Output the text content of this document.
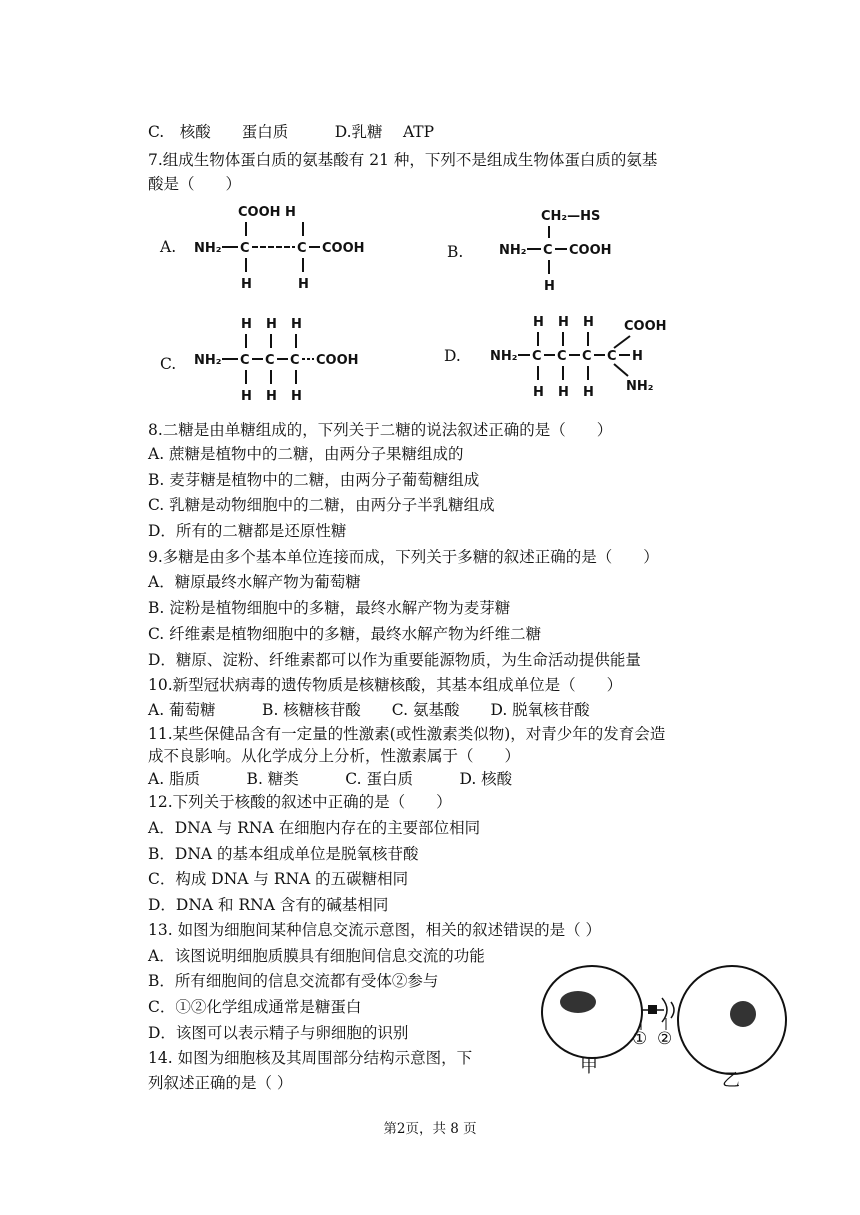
C.　核酸　　蛋白质　　　D.乳糖　 ATP
7.组成生物体蛋白质的氨基酸有 21 种，下列不是组成生物体蛋白质的氨基
酸是（　　）
A.
COOH H
NH₂ C	C COOH
H	H
B.
CH₂—HS
NH₂ C COOH
H
C.
H H H
NH₂ C C C COOH
H H H
D.
H H H COOH
NH₂ C C C C H
H H H NH₂
8.二糖是由单糖组成的，下列关于二糖的说法叙述正确的是（　　）
A. 蔗糖是植物中的二糖，由两分子果糖组成的
B. 麦芽糖是植物中的二糖，由两分子葡萄糖组成
C. 乳糖是动物细胞中的二糖，由两分子半乳糖组成
D．所有的二糖都是还原性糖
9.多糖是由多个基本单位连接而成，下列关于多糖的叙述正确的是（　　）
A．糖原最终水解产物为葡萄糖
B. 淀粉是植物细胞中的多糖，最终水解产物为麦芽糖
C. 纤维素是植物细胞中的多糖，最终水解产物为纤维二糖
D．糖原、淀粉、纤维素都可以作为重要能源物质，为生命活动提供能量
10.新型冠状病毒的遗传物质是核糖核酸，其基本组成单位是（　　）
A. 葡萄糖　　　B. 核糖核苷酸　　C. 氨基酸　　D. 脱氧核苷酸
11.某些保健品含有一定量的性激素(或性激素类似物)，对青少年的发育会造
成不良影响。从化学成分上分析，性激素属于（　　）
A. 脂质　　　B. 糖类　　　C. 蛋白质　　　D. 核酸
12.下列关于核酸的叙述中正确的是（　　）
A．DNA 与 RNA 在细胞内存在的主要部位相同
B．DNA 的基本组成单位是脱氧核苷酸
C．构成 DNA 与 RNA 的五碳糖相同
D．DNA 和 RNA 含有的碱基相同
13. 如图为细胞间某种信息交流示意图，相关的叙述错误的是（ ）
A．该图说明细胞质膜具有细胞间信息交流的功能
B．所有细胞间的信息交流都有受体②参与
C．①②化学组成通常是糖蛋白
D．该图可以表示精子与卵细胞的识别
14. 如图为细胞核及其周围部分结构示意图，下
列叙述正确的是（ ）
① ②
甲
乙
第2页，共 8 页
